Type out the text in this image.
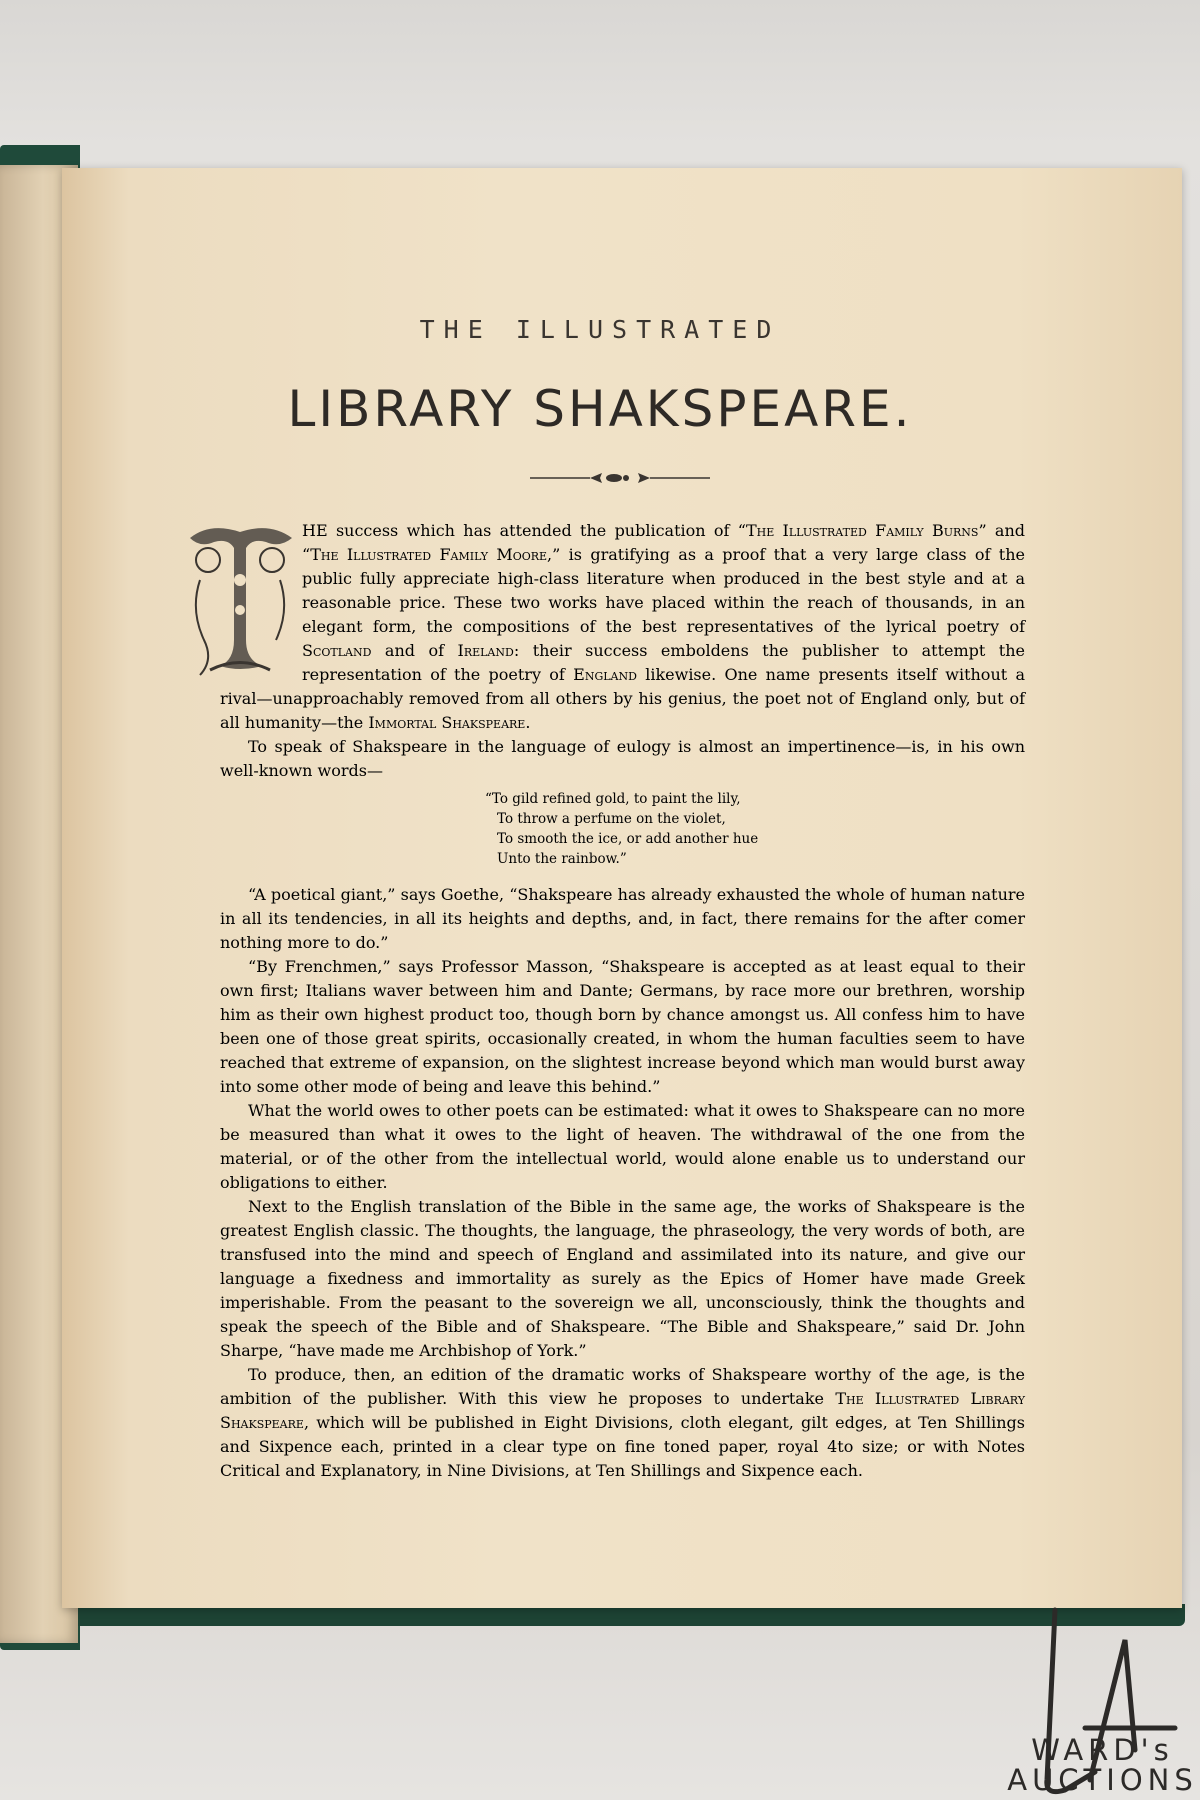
THE ILLUSTRATED
LIBRARY SHAKSPEARE.

HE success which has attended the publication of “The Illustrated Family Burns” and “The Illustrated Family Moore,” is gratifying as a proof that a very large class of the public fully appreciate high-class literature when produced in the best style and at a reasonable price. These two works have placed within the reach of thousands, in an elegant form, the compositions of the best representatives of the lyrical poetry of Scotland and of Ireland: their success emboldens the publisher to attempt the representation of the poetry of England likewise. One name presents itself without a rival—unapproachably removed from all others by his genius, the poet not of England only, but of all humanity—the Immortal Shakspeare.

To speak of Shakspeare in the language of eulogy is almost an impertinence—is, in his own well-known words—

“To gild refined gold, to paint the lily,
To throw a perfume on the violet,
To smooth the ice, or add another hue
Unto the rainbow.”

“A poetical giant,” says Goethe, “Shakspeare has already exhausted the whole of human nature in all its tendencies, in all its heights and depths, and, in fact, there remains for the after comer nothing more to do.”

“By Frenchmen,” says Professor Masson, “Shakspeare is accepted as at least equal to their own first; Italians waver between him and Dante; Germans, by race more our brethren, worship him as their own highest product too, though born by chance amongst us. All confess him to have been one of those great spirits, occasionally created, in whom the human faculties seem to have reached that extreme of expansion, on the slightest increase beyond which man would burst away into some other mode of being and leave this behind.”

What the world owes to other poets can be estimated: what it owes to Shakspeare can no more be measured than what it owes to the light of heaven. The withdrawal of the one from the material, or of the other from the intellectual world, would alone enable us to understand our obligations to either.

Next to the English translation of the Bible in the same age, the works of Shakspeare is the greatest English classic. The thoughts, the language, the phraseology, the very words of both, are transfused into the mind and speech of England and assimilated into its nature, and give our language a fixedness and immortality as surely as the Epics of Homer have made Greek imperishable. From the peasant to the sovereign we all, unconsciously, think the thoughts and speak the speech of the Bible and of Shakspeare. “The Bible and Shakspeare,” said Dr. John Sharpe, “have made me Archbishop of York.”

To produce, then, an edition of the dramatic works of Shakspeare worthy of the age, is the ambition of the publisher. With this view he proposes to undertake The Illustrated Library Shakspeare, which will be published in Eight Divisions, cloth elegant, gilt edges, at Ten Shillings and Sixpence each, printed in a clear type on fine toned paper, royal 4to size; or with Notes Critical and Explanatory, in Nine Divisions, at Ten Shillings and Sixpence each.

WARD's
AUCTIONS
